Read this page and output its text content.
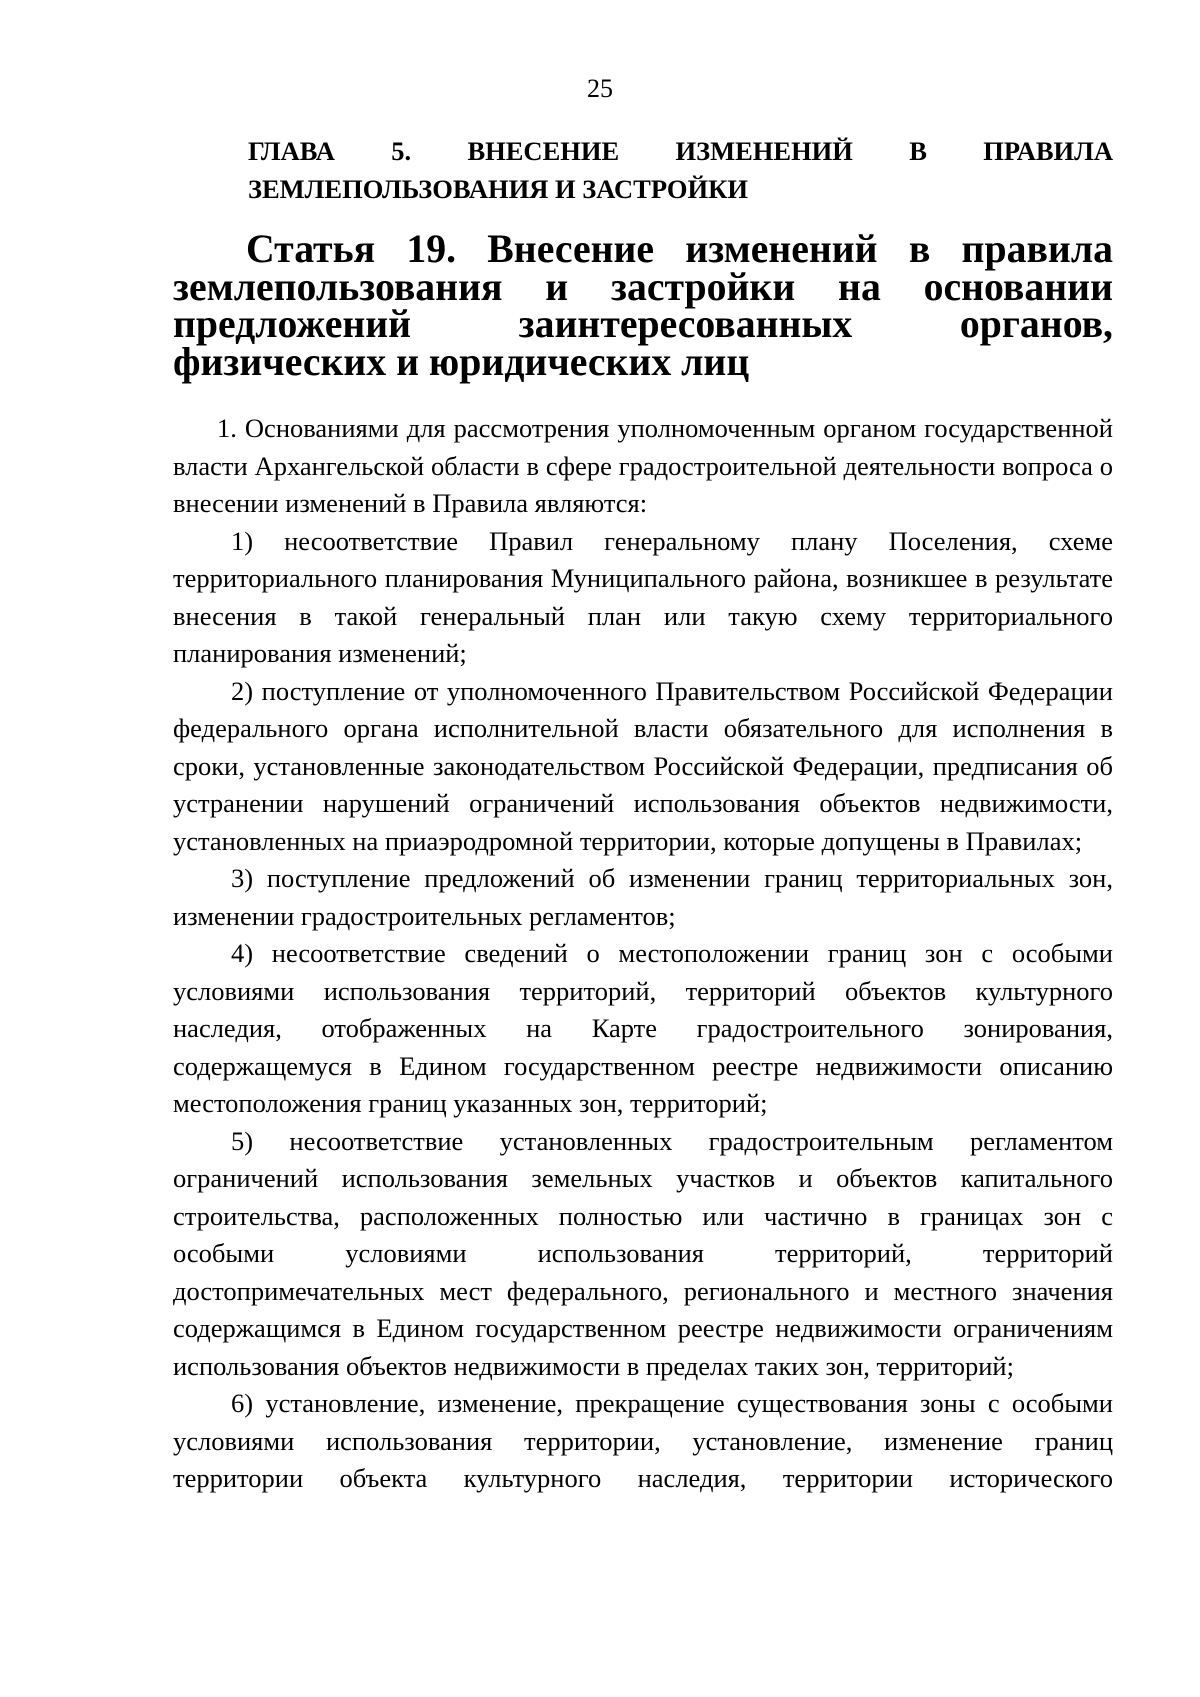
25
ГЛАВА 5. ВНЕСЕНИЕ ИЗМЕНЕНИЙ В ПРАВИЛА
ЗЕМЛЕПОЛЬЗОВАНИЯ И ЗАСТРОЙКИ
Статья 19. Внесение изменений в правила землепользования и застройки на основании предложений заинтересованных органов, физических и юридических лиц

1. Основаниями для рассмотрения уполномоченным органом государственной власти Архангельской области в сфере градостроительной деятельности вопроса о внесении изменений в Правила являются:

1) несоответствие Правил генеральному плану Поселения, схеме территориального планирования Муниципального района, возникшее в результате внесения в такой генеральный план или такую схему территориального планирования изменений;

2) поступление от уполномоченного Правительством Российской Федерации федерального органа исполнительной власти обязательного для исполнения в сроки, установленные законодательством Российской Федерации, предписания об устранении нарушений ограничений использования объектов недвижимости, установленных на приаэродромной территории, которые допущены в Правилах;

3) поступление предложений об изменении границ территориальных зон, изменении градостроительных регламентов;

4) несоответствие сведений о местоположении границ зон с особыми условиями использования территорий, территорий объектов культурного наследия, отображенных на Карте градостроительного зонирования, содержащемуся в Едином государственном реестре недвижимости описанию местоположения границ указанных зон, территорий;

5) несоответствие установленных градостроительным регламентом ограничений использования земельных участков и объектов капитального строительства, расположенных полностью или частично в границах зон с особыми условиями использования территорий, территорий достопримечательных мест федерального, регионального и местного значения содержащимся в Едином государственном реестре недвижимости ограничениям использования объектов недвижимости в пределах таких зон, территорий;

6) установление, изменение, прекращение существования зоны с особыми условиями использования территории, установление, изменение границ территории объекта культурного наследия, территории исторического
